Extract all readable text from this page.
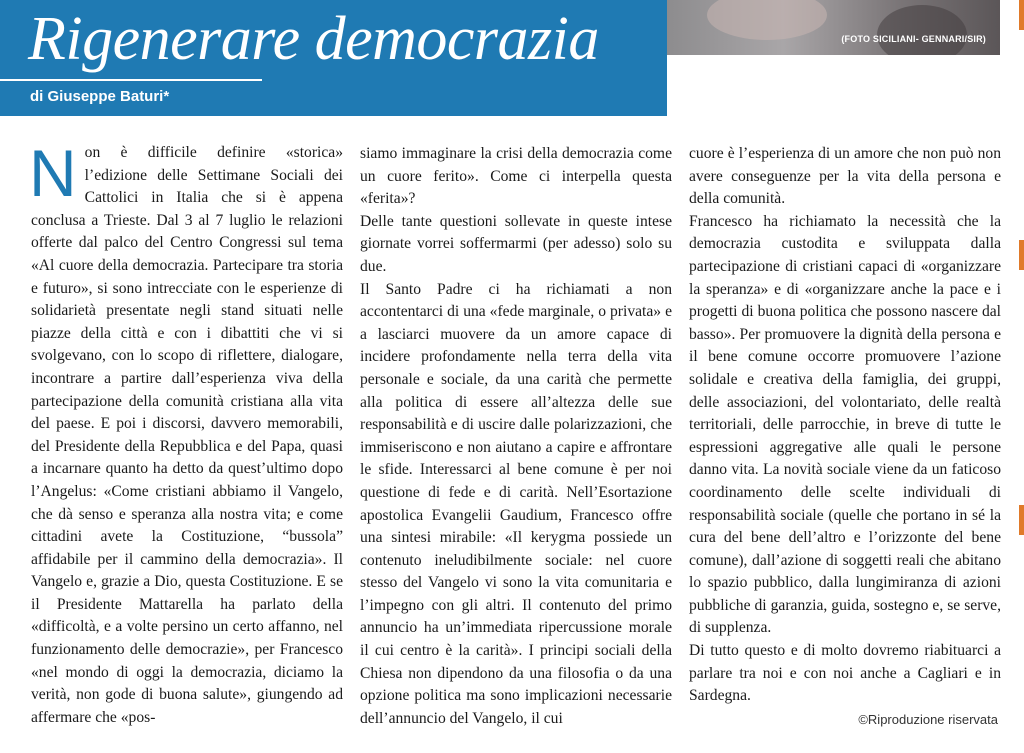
Rigenerare democrazia
di Giuseppe Baturi*
(FOTO SICILIANI- GENNARI/SIR)

Non è difficile definire «storica» l’edizione delle Settimane Sociali dei Cattolici in Italia che si è appena conclusa a Trieste. Dal 3 al 7 luglio le relazioni offerte dal palco del Centro Congressi sul tema «Al cuore della democrazia. Partecipare tra storia e futuro», si sono intrecciate con le esperienze di solidarietà presentate negli stand situati nelle piazze della città e con i dibattiti che vi si svolgevano, con lo scopo di riflettere, dialogare, incontrare a partire dall’esperienza viva della partecipazione della comunità cristiana alla vita del paese. E poi i discorsi, davvero memorabili, del Presidente della Repubblica e del Papa, quasi a incarnare quanto ha detto da quest’ultimo dopo l’Angelus: «Come cristiani abbiamo il Vangelo, che dà senso e speranza alla nostra vita; e come cittadini avete la Costituzione, “bussola” affidabile per il cammino della democrazia». Il Vangelo e, grazie a Dio, questa Costituzione. E se il Presidente Mattarella ha parlato della «difficoltà, e a volte persino un certo affanno, nel funzionamento delle democrazie», per Francesco «nel mondo di oggi la democrazia, diciamo la verità, non gode di buona salute», giungendo ad affermare che «pos-

siamo immaginare la crisi della democrazia come un cuore ferito». Come ci interpella questa «ferita»?

Delle tante questioni sollevate in queste intese giornate vorrei soffermarmi (per adesso) solo su due.

Il Santo Padre ci ha richiamati a non accontentarci di una «fede marginale, o privata» e a lasciarci muovere da un amore capace di incidere profondamente nella terra della vita personale e sociale, da una carità che permette alla politica di essere all’altezza delle sue responsabilità e di uscire dalle polarizzazioni, che immiseriscono e non aiutano a capire e affrontare le sfide. Interessarci al bene comune è per noi questione di fede e di carità. Nell’Esortazione apostolica Evangelii Gaudium, Francesco offre una sintesi mirabile: «Il kerygma possiede un contenuto ineludibilmente sociale: nel cuore stesso del Vangelo vi sono la vita comunitaria e l’impegno con gli altri. Il contenuto del primo annuncio ha un’immediata ripercussione morale il cui centro è la carità». I principi sociali della Chiesa non dipendono da una filosofia o da una opzione politica ma sono implicazioni necessarie dell’annuncio del Vangelo, il cui

cuore è l’esperienza di un amore che non può non avere conseguenze per la vita della persona e della comunità.

Francesco ha richiamato la necessità che la democrazia custodita e sviluppata dalla partecipazione di cristiani capaci di «organizzare la speranza» e di «organizzare anche la pace e i progetti di buona politica che possono nascere dal basso». Per promuovere la dignità della persona e il bene comune occorre promuovere l’azione solidale e creativa della famiglia, dei gruppi, delle associazioni, del volontariato, delle realtà territoriali, delle parrocchie, in breve di tutte le espressioni aggregative alle quali le persone danno vita. La novità sociale viene da un faticoso coordinamento delle scelte individuali di responsabilità sociale (quelle che portano in sé la cura del bene dell’altro e l’orizzonte del bene comune), dall’azione di soggetti reali che abitano lo spazio pubblico, dalla lungimiranza di azioni pubbliche di garanzia, guida, sostegno e, se serve, di supplenza.

Di tutto questo e di molto dovremo riabituarci a parlare tra noi e con noi anche a Cagliari e in Sardegna.

©Riproduzione riservata
